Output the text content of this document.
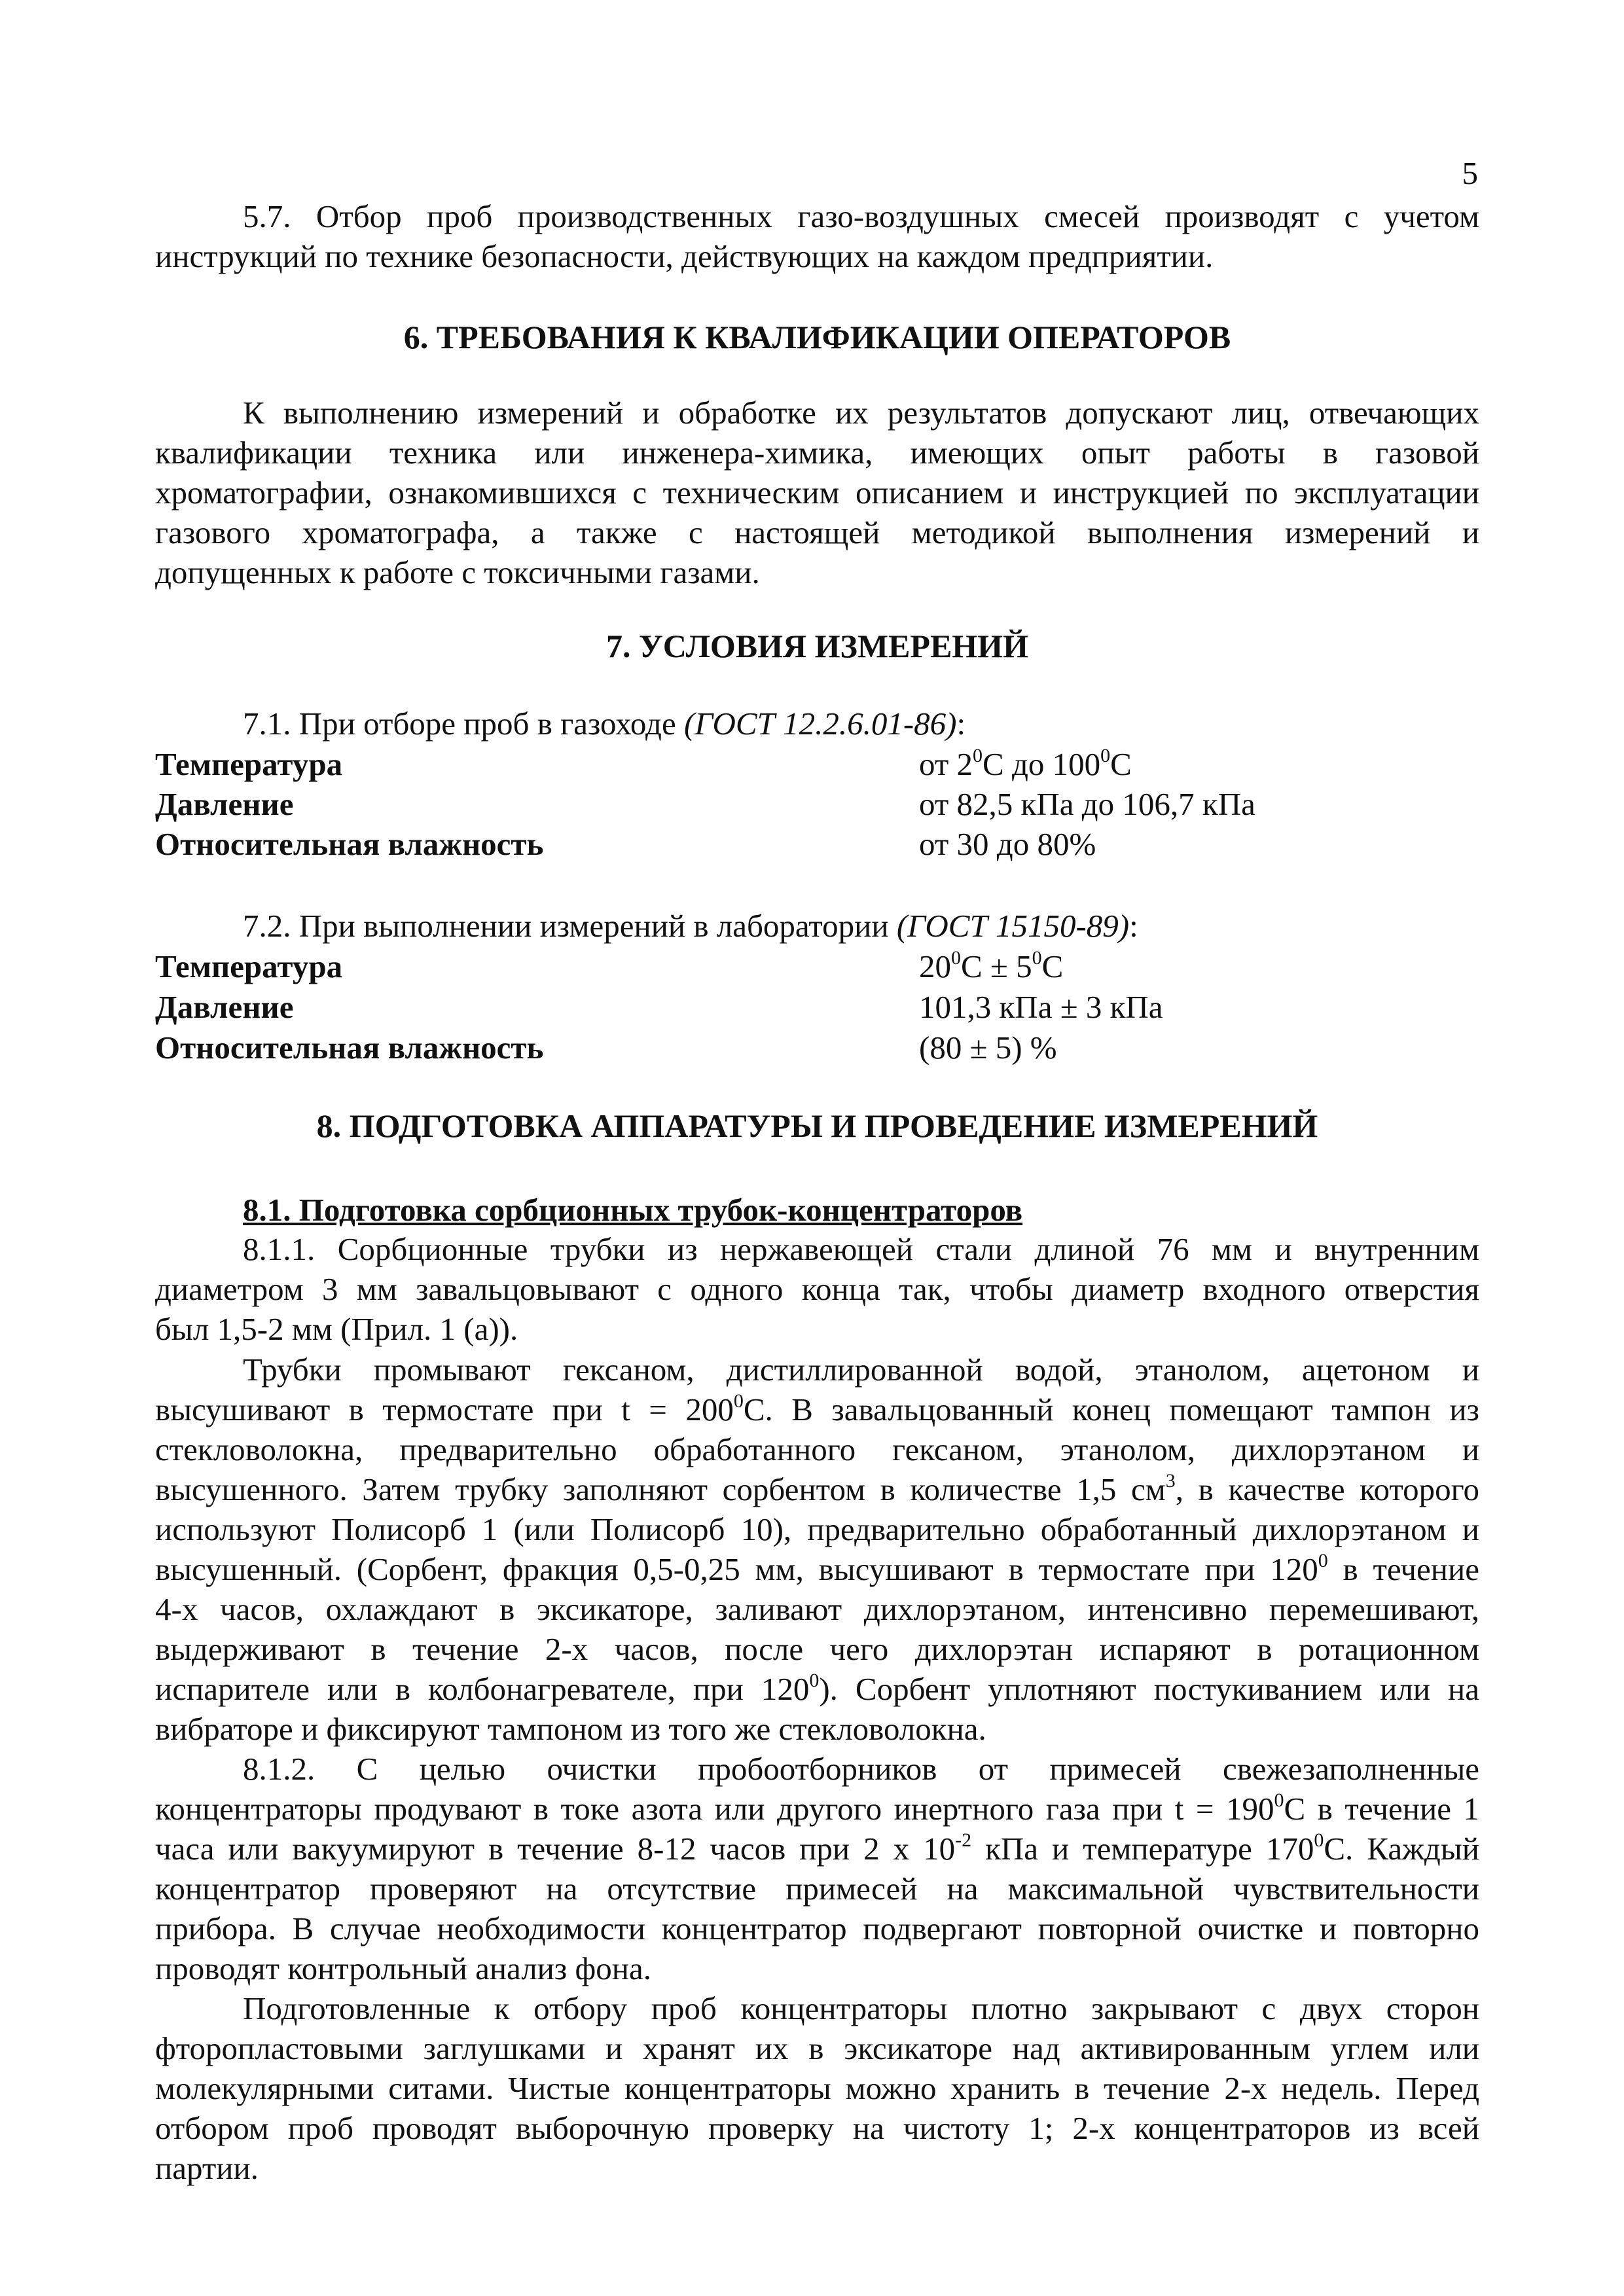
5

5.7. Отбор проб производственных газо-воздушных смесей производят с учетом

инструкций по технике безопасности, действующих на каждом предприятии.

6. ТРЕБОВАНИЯ К КВАЛИФИКАЦИИ ОПЕРАТОРОВ

К выполнению измерений и обработке их результатов допускают лиц, отвечающих

квалификации техника или инженера-химика, имеющих опыт работы в газовой

хроматографии, ознакомившихся с техническим описанием и инструкцией по эксплуатации

газового хроматографа, а также с настоящей методикой выполнения измерений и

допущенных к работе с токсичными газами.

7. УСЛОВИЯ ИЗМЕРЕНИЙ
7.1. При отборе проб в газоходе (ГОСТ 12.2.6.01-86):
Температура	от $2^0С$ до $100^0С$
Давление	от 82,5 кПа до 106,7 кПа
Относительная влажность	от 30 до 80%
7.2. При выполнении измерений в лаборатории (ГОСТ 15150-89):
Температура	$20^0С \pm 5^0С$
Давление	101,3 кПа ± 3 кПа
Относительная влажность	(80 ± 5) %
8. ПОДГОТОВКА АППАРАТУРЫ И ПРОВЕДЕНИЕ ИЗМЕРЕНИЙ
8.1. Подготовка сорбционных трубок-концентраторов

8.1.1. Сорбционные трубки из нержавеющей стали длиной 76 мм и внутренним

диаметром 3 мм завальцовывают с одного конца так, чтобы диаметр входного отверстия

был 1,5-2 мм (Прил. 1 (а)).

Трубки промывают гексаном, дистиллированной водой, этанолом, ацетоном и

высушивают в термостате при $t = 200^0С$. В завальцованный конец помещают тампон из

стекловолокна, предварительно обработанного гексаном, этанолом, дихлорэтаном и

высушенного. Затем трубку заполняют сорбентом в количестве 1,5 $см^3$, в качестве которого

используют Полисорб 1 (или Полисорб 10), предварительно обработанный дихлорэтаном и

высушенный. (Сорбент, фракция 0,5-0,25 мм, высушивают в термостате при $120^0$ в течение

4-х часов, охлаждают в эксикаторе, заливают дихлорэтаном, интенсивно перемешивают,

выдерживают в течение 2-х часов, после чего дихлорэтан испаряют в ротационном

испарителе или в колбонагревателе, при $120^0$). Сорбент уплотняют постукиванием или на

вибраторе и фиксируют тампоном из того же стекловолокна.

8.1.2. С целью очистки пробоотборников от примесей свежезаполненные

концентраторы продувают в токе азота или другого инертного газа при $t = 190^0С$ в течение 1

часа или вакуумируют в течение 8-12 часов при 2 х $10^{-2}$ кПа и температуре $170^0С$. Каждый

концентратор проверяют на отсутствие примесей на максимальной чувствительности

прибора. В случае необходимости концентратор подвергают повторной очистке и повторно

проводят контрольный анализ фона.

Подготовленные к отбору проб концентраторы плотно закрывают с двух сторон

фторопластовыми заглушками и хранят их в эксикаторе над активированным углем или

молекулярными ситами. Чистые концентраторы можно хранить в течение 2-х недель. Перед

отбором проб проводят выборочную проверку на чистоту 1; 2-х концентраторов из всей

партии.
